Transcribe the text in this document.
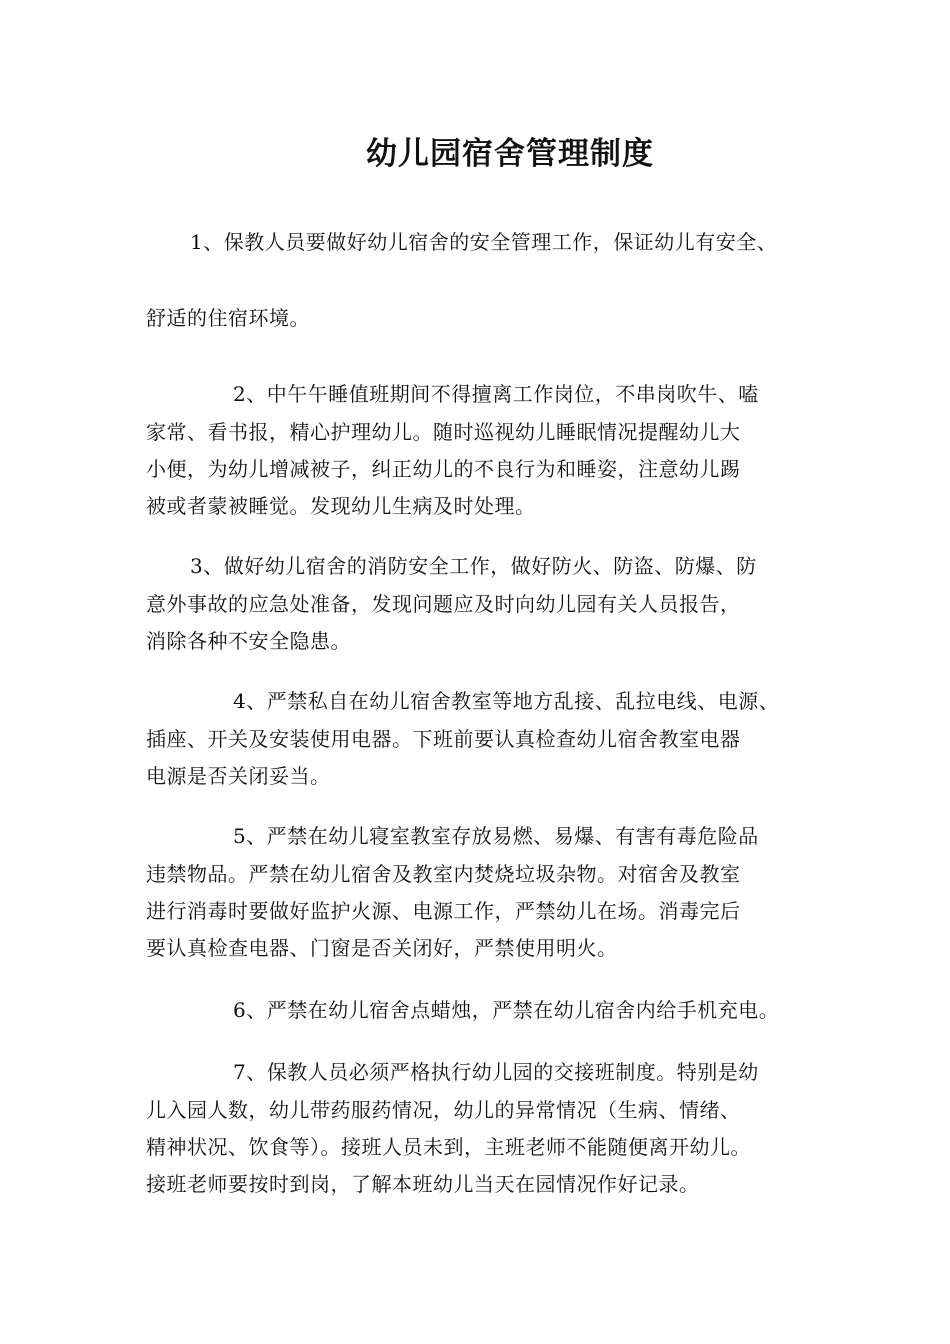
幼儿园宿舍管理制度
1、保教人员要做好幼儿宿舍的安全管理工作，保证幼儿有安全、
舒适的住宿环境。
2、中午午睡值班期间不得擅离工作岗位，不串岗吹牛、嗑
家常、看书报，精心护理幼儿。随时巡视幼儿睡眠情况提醒幼儿大
小便，为幼儿增减被子，纠正幼儿的不良行为和睡姿，注意幼儿踢
被或者蒙被睡觉。发现幼儿生病及时处理。
3、做好幼儿宿舍的消防安全工作，做好防火、防盗、防爆、防
意外事故的应急处准备，发现问题应及时向幼儿园有关人员报告，
消除各种不安全隐患。
4、严禁私自在幼儿宿舍教室等地方乱接、乱拉电线、电源、
插座、开关及安装使用电器。下班前要认真检查幼儿宿舍教室电器
电源是否关闭妥当。
5、严禁在幼儿寝室教室存放易燃、易爆、有害有毒危险品
违禁物品。严禁在幼儿宿舍及教室内焚烧垃圾杂物。对宿舍及教室
进行消毒时要做好监护火源、电源工作，严禁幼儿在场。消毒完后
要认真检查电器、门窗是否关闭好，严禁使用明火。
6、严禁在幼儿宿舍点蜡烛，严禁在幼儿宿舍内给手机充电。
7、保教人员必须严格执行幼儿园的交接班制度。特别是幼
儿入园人数，幼儿带药服药情况，幼儿的异常情况（生病、情绪、
精神状况、饮食等）。接班人员未到，主班老师不能随便离开幼儿。
接班老师要按时到岗，了解本班幼儿当天在园情况作好记录。
